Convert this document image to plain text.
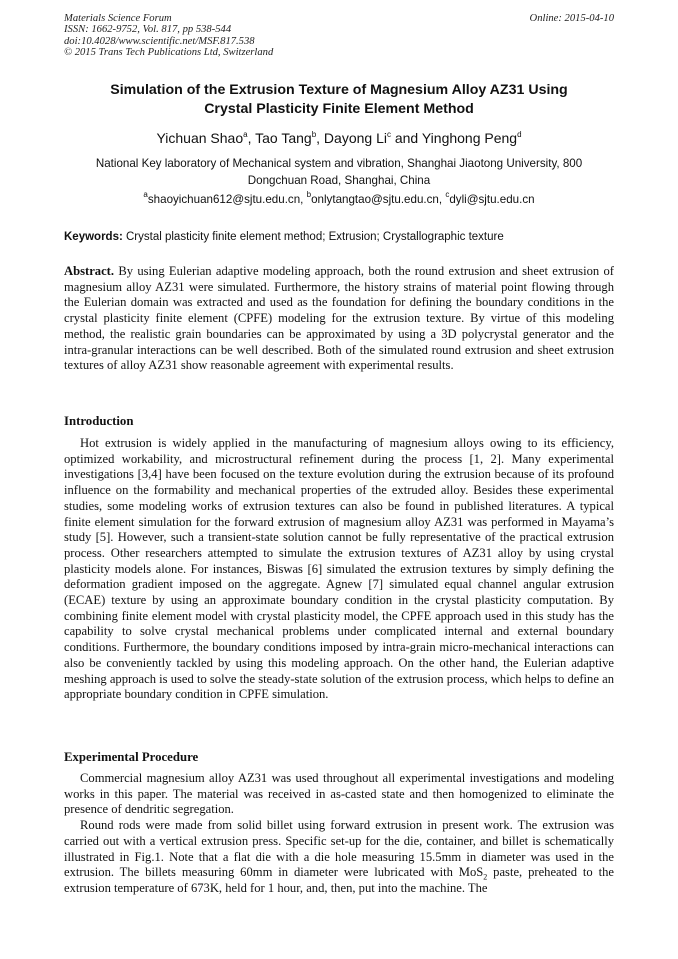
Materials Science Forum
ISSN: 1662-9752, Vol. 817, pp 538-544
doi:10.4028/www.scientific.net/MSF.817.538
© 2015 Trans Tech Publications Ltd, Switzerland
Online: 2015-04-10
Simulation of the Extrusion Texture of Magnesium Alloy AZ31 Using
Crystal Plasticity Finite Element Method
Yichuan Shao$^a$, Tao Tang$^b$, Dayong Li$^c$ and Yinghong Peng$^d$
National Key laboratory of Mechanical system and vibration, Shanghai Jiaotong University, 800
Dongchuan Road, Shanghai, China
$^a$shaoyichuan612@sjtu.edu.cn, $^b$onlytangtao@sjtu.edu.cn, $^c$dyli@sjtu.edu.cn
Keywords: Crystal plasticity finite element method; Extrusion; Crystallographic texture

Abstract. By using Eulerian adaptive modeling approach, both the round extrusion and sheet extrusion of magnesium alloy AZ31 were simulated. Furthermore, the history strains of material point flowing through the Eulerian domain was extracted and used as the foundation for defining the boundary conditions in the crystal plasticity finite element (CPFE) modeling for the extrusion texture. By virtue of this modeling method, the realistic grain boundaries can be approximated by using a 3D polycrystal generator and the intra-granular interactions can be well described. Both of the simulated round extrusion and sheet extrusion textures of alloy AZ31 show reasonable agreement with experimental results.

Introduction

Hot extrusion is widely applied in the manufacturing of magnesium alloys owing to its efficiency, optimized workability, and microstructural refinement during the process [1, 2]. Many experimental investigations [3,4] have been focused on the texture evolution during the extrusion because of its profound influence on the formability and mechanical properties of the extruded alloy. Besides these experimental studies, some modeling works of extrusion textures can also be found in published literatures. A typical finite element simulation for the forward extrusion of magnesium alloy AZ31 was performed in Mayama’s study [5]. However, such a transient-state solution cannot be fully representative of the practical extrusion process. Other researchers attempted to simulate the extrusion textures of AZ31 alloy by using crystal plasticity models alone. For instances, Biswas [6] simulated the extrusion textures by simply defining the deformation gradient imposed on the aggregate. Agnew [7] simulated equal channel angular extrusion (ECAE) texture by using an approximate boundary condition in the crystal plasticity computation. By combining finite element model with crystal plasticity model, the CPFE approach used in this study has the capability to solve crystal mechanical problems under complicated internal and external boundary conditions. Furthermore, the boundary conditions imposed by intra-grain micro-mechanical interactions can also be conveniently tackled by using this modeling approach. On the other hand, the Eulerian adaptive meshing approach is used to solve the steady-state solution of the extrusion process, which helps to define an appropriate boundary condition in CPFE simulation.

Experimental Procedure

Commercial magnesium alloy AZ31 was used throughout all experimental investigations and modeling works in this paper. The material was received in as-casted state and then homogenized to eliminate the presence of dendritic segregation.

Round rods were made from solid billet using forward extrusion in present work. The extrusion was carried out with a vertical extrusion press. Specific set-up for the die, container, and billet is schematically illustrated in Fig.1. Note that a flat die with a die hole measuring 15.5mm in diameter was used in the extrusion. The billets measuring 60mm in diameter were lubricated with MoS$_2$ paste, preheated to the extrusion temperature of 673K, held for 1 hour, and, then, put into the machine. The
